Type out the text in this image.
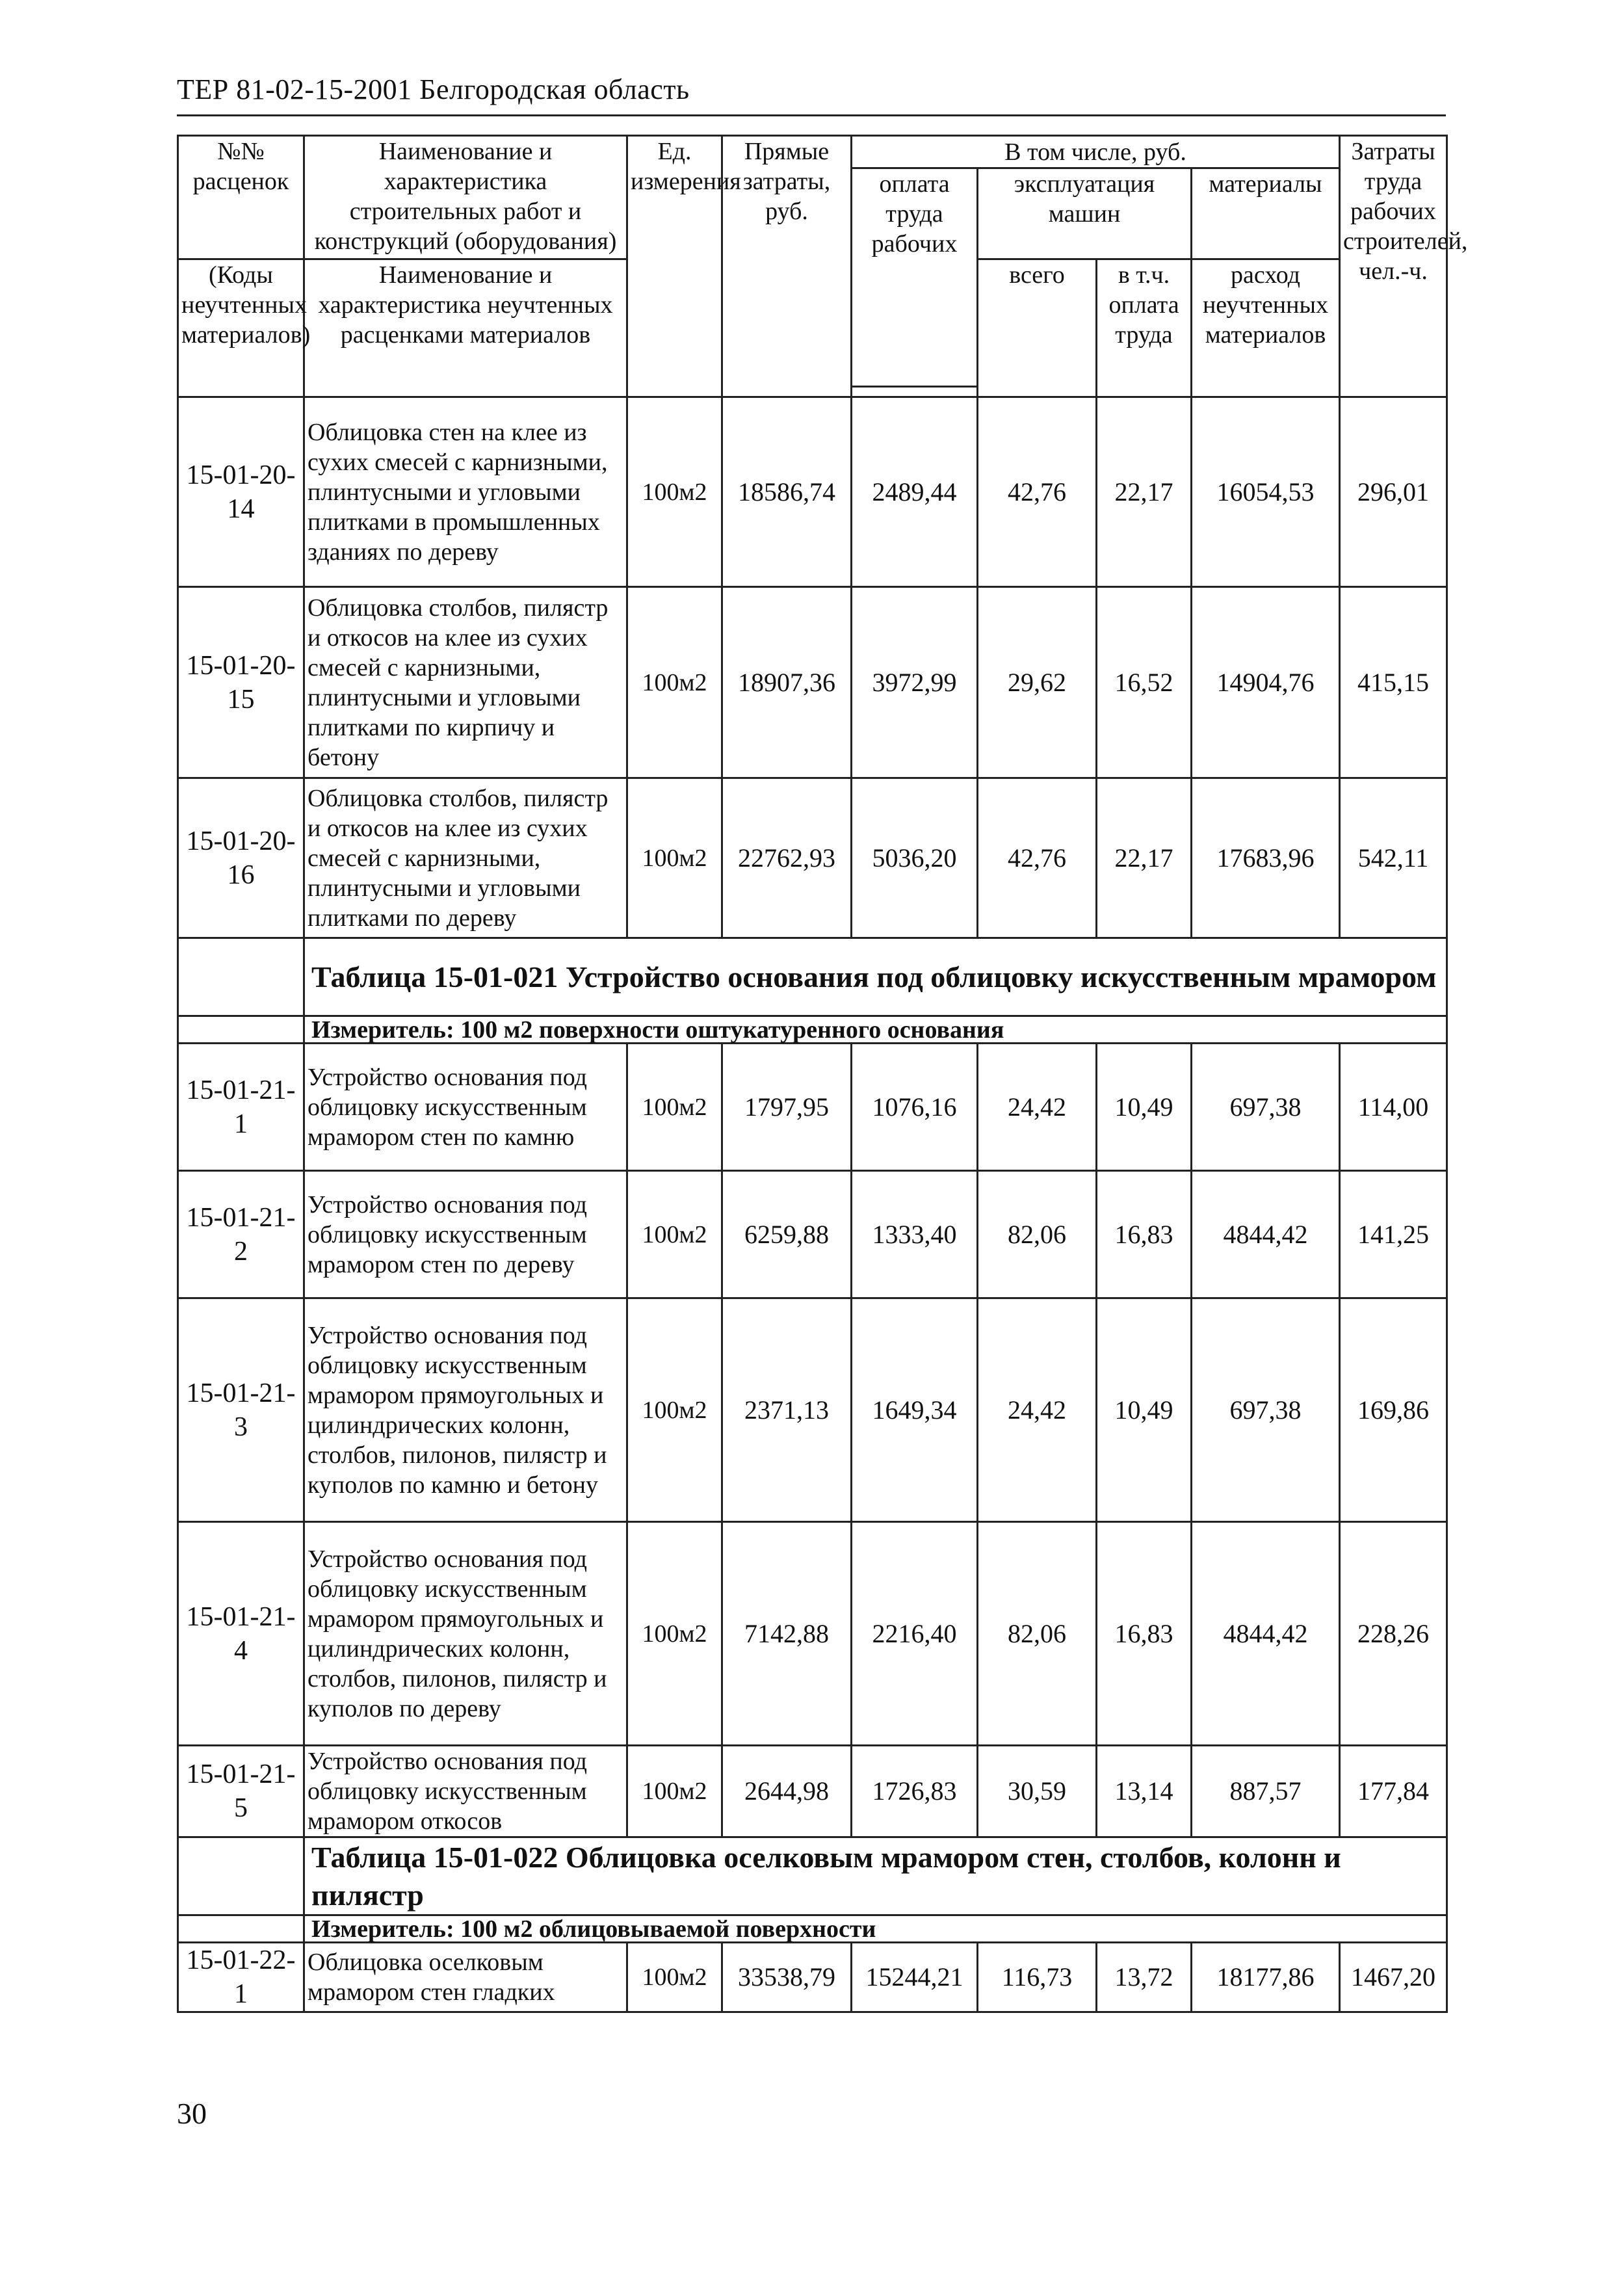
ТЕР 81-02-15-2001 Белгородская область
№№ расценок	Наименование и характеристика строительных работ и конструкций (оборудования)	Ед. измерения	Прямые затраты, руб.	В том числе, руб.				Затраты труда рабочих строителей, чел.-ч.

				оплата труда рабочих	эксплуатация машин		материалы	

(Коды неучтенных материалов)	Наименование и характеристика неучтенных расценками материалов				всего	в т.ч. оплата труда	расход неучтенных материалов	

15-01-20-14	Облицовка стен на клее из сухих смесей с карнизными, плинтусными и угловыми плитками в промышленных зданиях по дереву	100м2	18586,74	2489,44	42,76	22,17	16054,53	296,01
15-01-20-15	Облицовка столбов, пилястр и откосов на клее из сухих смесей с карнизными, плинтусными и угловыми плитками по кирпичу и бетону	100м2	18907,36	3972,99	29,62	16,52	14904,76	415,15
15-01-20-16	Облицовка столбов, пилястр и откосов на клее из сухих смесей с карнизными, плинтусными и угловыми плитками по дереву	100м2	22762,93	5036,20	42,76	22,17	17683,96	542,11
	Таблица 15-01-021 Устройство основания под облицовку искусственным мрамором							
	Измеритель: 100 м2 поверхности оштукатуренного основания							
15-01-21-1	Устройство основания под облицовку искусственным мрамором стен по камню	100м2	1797,95	1076,16	24,42	10,49	697,38	114,00
15-01-21-2	Устройство основания под облицовку искусственным мрамором стен по дереву	100м2	6259,88	1333,40	82,06	16,83	4844,42	141,25
15-01-21-3	Устройство основания под облицовку искусственным мрамором прямоугольных и цилиндрических колонн, столбов, пилонов, пилястр и куполов по камню и бетону	100м2	2371,13	1649,34	24,42	10,49	697,38	169,86
15-01-21-4	Устройство основания под облицовку искусственным мрамором прямоугольных и цилиндрических колонн, столбов, пилонов, пилястр и куполов по дереву	100м2	7142,88	2216,40	82,06	16,83	4844,42	228,26
15-01-21-5	Устройство основания под облицовку искусственным мрамором откосов	100м2	2644,98	1726,83	30,59	13,14	887,57	177,84
	Таблица 15-01-022 Облицовка оселковым мрамором стен, столбов, колонн и пилястр							
	Измеритель: 100 м2 облицовываемой поверхности							
15-01-22-1	Облицовка оселковым мрамором стен гладких	100м2	33538,79	15244,21	116,73	13,72	18177,86	1467,20
30
